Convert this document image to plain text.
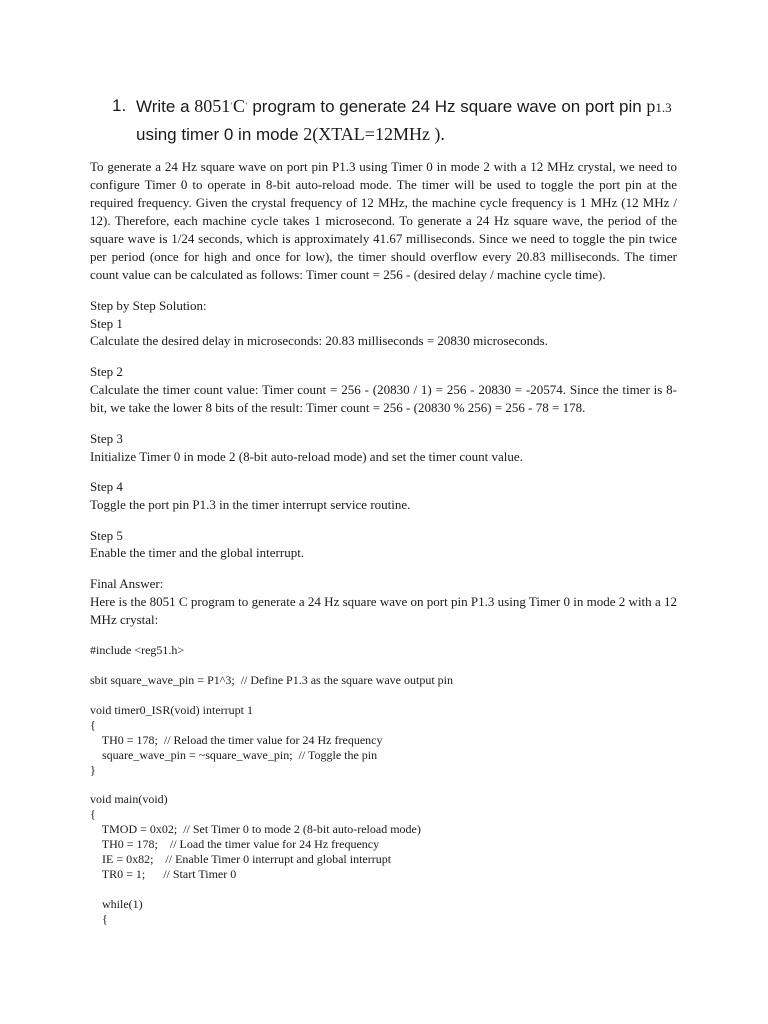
1. Write a 8051’C’ program to generate 24 Hz square wave on port pin p1.3
using timer 0 in mode 2(XTAL=12MHz ).

To generate a 24 Hz square wave on port pin P1.3 using Timer 0 in mode 2 with a 12 MHz crystal, we need to configure Timer 0 to operate in 8-bit auto-reload mode. The timer will be used to toggle the port pin at the required frequency. Given the crystal frequency of 12 MHz, the machine cycle frequency is 1 MHz (12 MHz / 12). Therefore, each machine cycle takes 1 microsecond. To generate a 24 Hz square wave, the period of the square wave is 1/24 seconds, which is approximately 41.67 milliseconds. Since we need to toggle the pin twice per period (once for high and once for low), the timer should overflow every 20.83 milliseconds. The timer count value can be calculated as follows: Timer count = 256 - (desired delay / machine cycle time).

Step by Step Solution:

Step 1

Calculate the desired delay in microseconds: 20.83 milliseconds = 20830 microseconds.

Step 2

Calculate the timer count value: Timer count = 256 - (20830 / 1) = 256 - 20830 = -20574. Since the timer is 8-bit, we take the lower 8 bits of the result: Timer count = 256 - (20830 % 256) = 256 - 78 = 178.

Step 3

Initialize Timer 0 in mode 2 (8-bit auto-reload mode) and set the timer count value.

Step 4

Toggle the port pin P1.3 in the timer interrupt service routine.

Step 5

Enable the timer and the global interrupt.

Final Answer:

Here is the 8051 C program to generate a 24 Hz square wave on port pin P1.3 using Timer 0 in mode 2 with a 12 MHz crystal:

#include <reg51.h>
sbit square_wave_pin = P1^3;  // Define P1.3 as the square wave output pin
void timer0_ISR(void) interrupt 1
{
TH0 = 178;  // Reload the timer value for 24 Hz frequency
square_wave_pin = ~square_wave_pin;  // Toggle the pin
}
void main(void)
{
TMOD = 0x02;  // Set Timer 0 to mode 2 (8-bit auto-reload mode)
TH0 = 178;    // Load the timer value for 24 Hz frequency
IE = 0x82;    // Enable Timer 0 interrupt and global interrupt
TR0 = 1;      // Start Timer 0
while(1)
{
